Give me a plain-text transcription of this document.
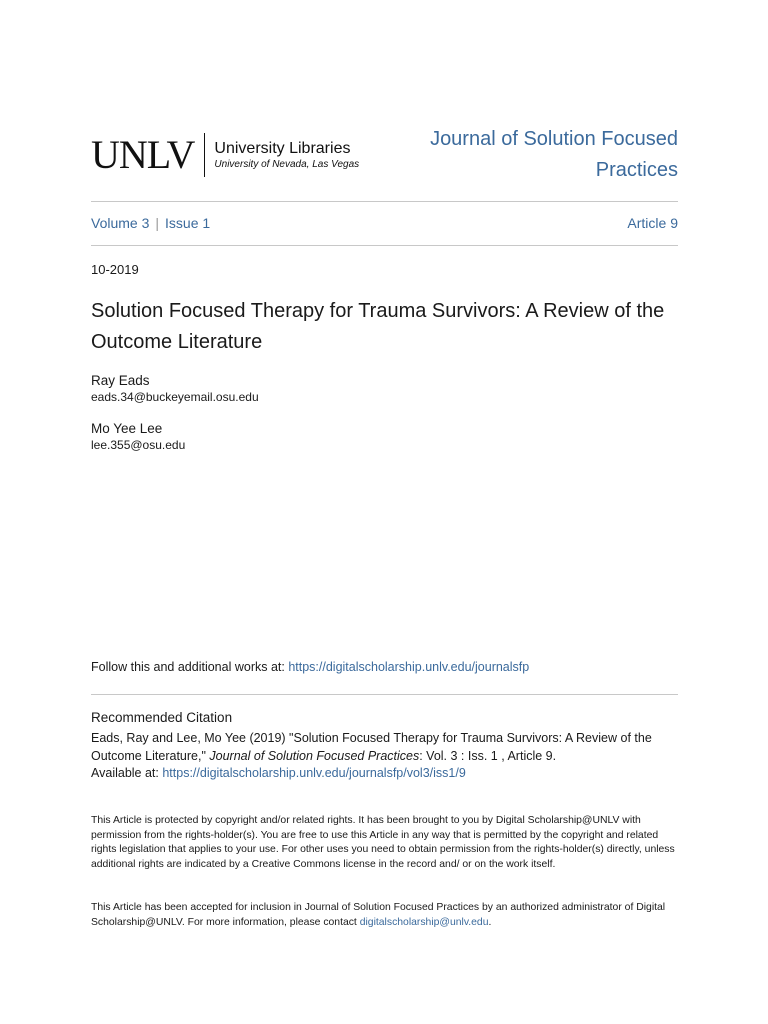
UNLV University Libraries
University of Nevada, Las Vegas
Journal of Solution Focused Practices
Volume 3 | Issue 1	Article 9
10-2019
Solution Focused Therapy for Trauma Survivors: A Review of the Outcome Literature
Ray Eads
eads.34@buckeyemail.osu.edu
Mo Yee Lee
lee.355@osu.edu
Follow this and additional works at: https://digitalscholarship.unlv.edu/journalsfp
Recommended Citation
Eads, Ray and Lee, Mo Yee (2019) "Solution Focused Therapy for Trauma Survivors: A Review of the Outcome Literature," Journal of Solution Focused Practices: Vol. 3 : Iss. 1 , Article 9.
Available at: https://digitalscholarship.unlv.edu/journalsfp/vol3/iss1/9
This Article is protected by copyright and/or related rights. It has been brought to you by Digital Scholarship@UNLV with permission from the rights-holder(s). You are free to use this Article in any way that is permitted by the copyright and related rights legislation that applies to your use. For other uses you need to obtain permission from the rights-holder(s) directly, unless additional rights are indicated by a Creative Commons license in the record and/ or on the work itself.
This Article has been accepted for inclusion in Journal of Solution Focused Practices by an authorized administrator of Digital Scholarship@UNLV. For more information, please contact digitalscholarship@unlv.edu.
